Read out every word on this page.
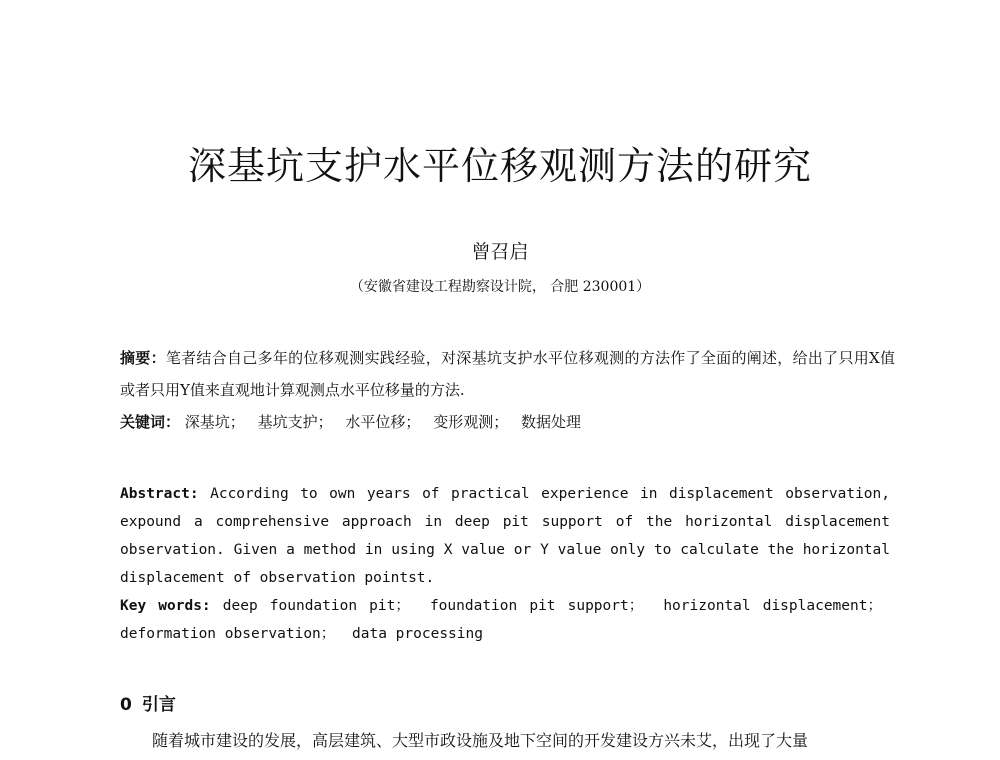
深基坑支护水平位移观测方法的研究
曾召启
（安徽省建设工程勘察设计院， 合肥 230001）

摘要：笔者结合自己多年的位移观测实践经验，对深基坑支护水平位移观测的方法作了全面的阐述，给出了只用X值或者只用Y值来直观地计算观测点水平位移量的方法.

关键词： 深基坑； 基坑支护； 水平位移； 变形观测； 数据处理

Abstract: According to own years of practical experience in displacement observation, expound a comprehensive approach in deep pit support of the horizontal displacement observation. Given a method in using X value or Y value only to calculate the horizontal displacement of observation pointst.

Key words: deep foundation pit； foundation pit support； horizontal displacement； deformation observation； data processing

0 引言

随着城市建设的发展，高层建筑、大型市政设施及地下空间的开发建设方兴未艾，出现了大量
